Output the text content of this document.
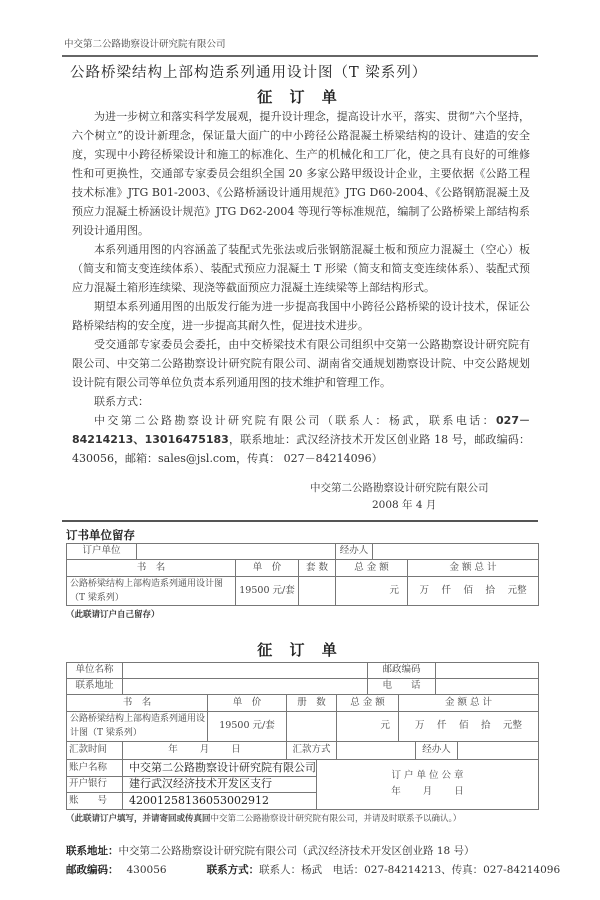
中交第二公路勘察设计研究院有限公司
公路桥梁结构上部构造系列通用设计图（T 梁系列）
征 订 单

为进一步树立和落实科学发展观，提升设计理念，提高设计水平，落实、贯彻“六个坚持，六个树立”的设计新理念，保证量大面广的中小跨径公路混凝土桥梁结构的设计、建造的安全度，实现中小跨径桥梁设计和施工的标准化、生产的机械化和工厂化，使之具有良好的可维修性和可更换性，交通部专家委员会组织全国 20 多家公路甲级设计企业，主要依据《公路工程技术标准》JTG B01-2003、《公路桥涵设计通用规范》JTG D60-2004、《公路钢筋混凝土及预应力混凝土桥涵设计规范》JTG D62-2004 等现行等标准规范，编制了公路桥梁上部结构系列设计通用图。

本系列通用图的内容涵盖了装配式先张法或后张钢筋混凝土板和预应力混凝土（空心）板（简支和简支变连续体系）、装配式预应力混凝土 T 形梁（简支和简支变连续体系）、装配式预应力混凝土箱形连续梁、现浇等截面预应力混凝土连续梁等上部结构形式。

期望本系列通用图的出版发行能为进一步提高我国中小跨径公路桥梁的设计技术，保证公路桥梁结构的安全度，进一步提高其耐久性，促进技术进步。

受交通部专家委员会委托，由中交桥梁技术有限公司组织中交第一公路勘察设计研究院有限公司、中交第二公路勘察设计研究院有限公司、湖南省交通规划勘察设计院、中交公路规划设计院有限公司等单位负责本系列通用图的技术维护和管理工作。

联系方式：

中交第二公路勘察设计研究院有限公司（联系人：杨武，联系电话：027－84214213、13016475183，联系地址：武汉经济技术开发区创业路 18 号，邮政编码：430056，邮箱：sales@jsl.com，传真： 027－84214096）

中交第二公路勘察设计研究院有限公司
2008 年 4 月
订书单位留存
订户单位				经办人		
书　名		单　价	套 数	总 金 额		金 额 总 计
公路桥梁结构上部构造系列通用设计图（T 梁系列）		19500 元/套		元		万　 仟　 佰　 拾　 元整
（此联请订户自己留存）
征 订 单
单位名称						邮政编码				
联系地址						电　　话				
书　名		单　价	册　数		总 金 额		金 额 总 计			
公路桥梁结构上部构造系列通用设计图（T 梁系列）		19500 元/套			元		万　 仟　 佰　 拾　 元整			
汇款时间	年　　 月　　 日		汇款方式					经办人		
账户名称	中交第二公路勘察设计研究院有限公司			订 户 单 位 公 章
年　　 月　　 日						

开户银行	建行武汉经济技术开发区支行									
账　　号	42001258136053002912									
（此联请订户填写，并请寄回或传真回中交第二公路勘察设计研究院有限公司，并请及时联系予以确认。）
联系地址：中交第二公路勘察设计研究院有限公司（武汉经济技术开发区创业路 18 号）
邮政编码： 430056	联系方式：联系人：杨武　电话：027-84214213、传真：027-84214096
